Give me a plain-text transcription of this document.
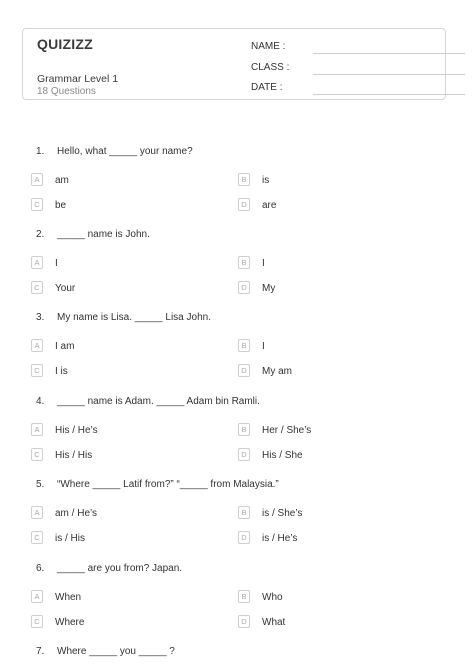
QUIZIZZ
Grammar Level 1
18 Questions
NAME :
CLASS :
DATE :
1. Hello, what _____ your name?
A	am	B	is
C	be	D	are
2. _____ name is John.
A	I	B	I
C	Your	D	My
3. My name is Lisa. _____ Lisa John.
A	I am	B	I
C	I is	D	My am
4. _____ name is Adam. _____ Adam bin Ramli.
A	His / He’s	B	Her / She’s
C	His / His	D	His / She
5. “Where _____ Latif from?” “_____ from Malaysia.”
A	am / He’s	B	is / She’s
C	is / His	D	is / He’s
6. _____ are you from? Japan.
A	When	B	Who
C	Where	D	What
7. Where _____ you _____ ?
